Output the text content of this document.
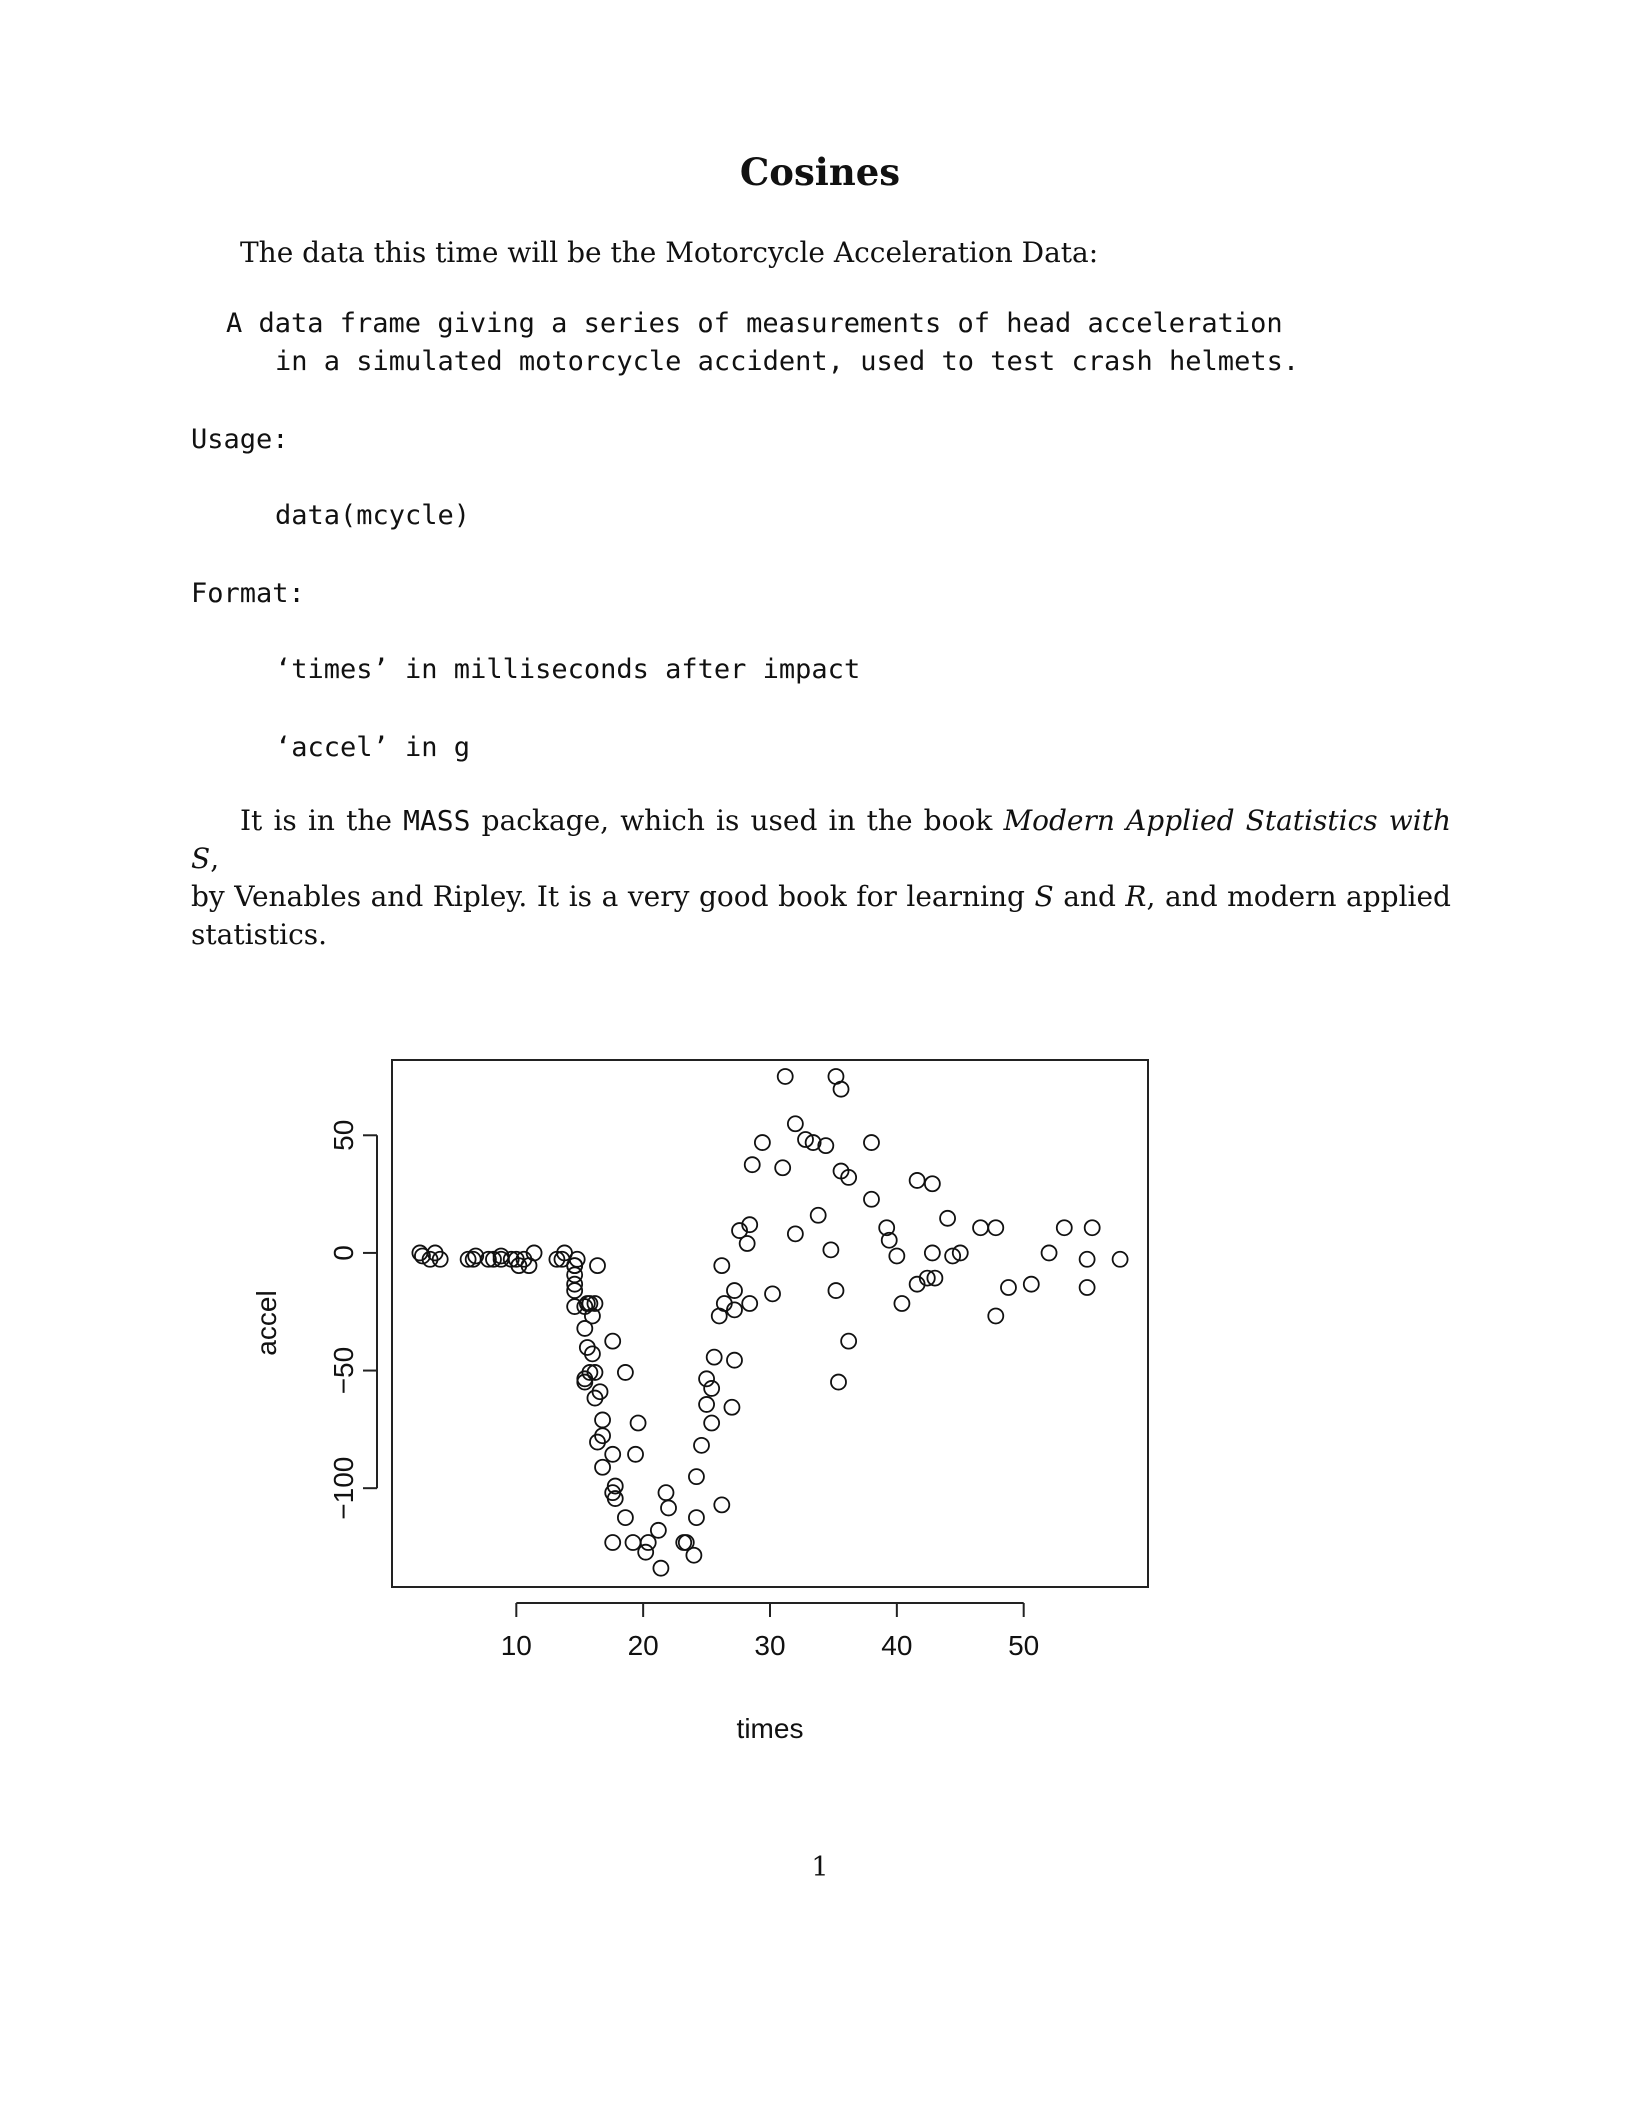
Cosines
The data this time will be the Motorcycle Acceleration Data:
A data frame giving a series of measurements of head acceleration
in a simulated motorcycle accident, used to test crash helmets.
Usage:
data(mcycle)
Format:
‘times’ in milliseconds after impact
‘accel’ in g
It is in the MASS package, which is used in the book Modern Applied Statistics with S,
by Venables and Ripley. It is a very good book for learning S and R, and modern applied
statistics.
10	20	30	40	50
−100
−50
0
50
times
accel
1
